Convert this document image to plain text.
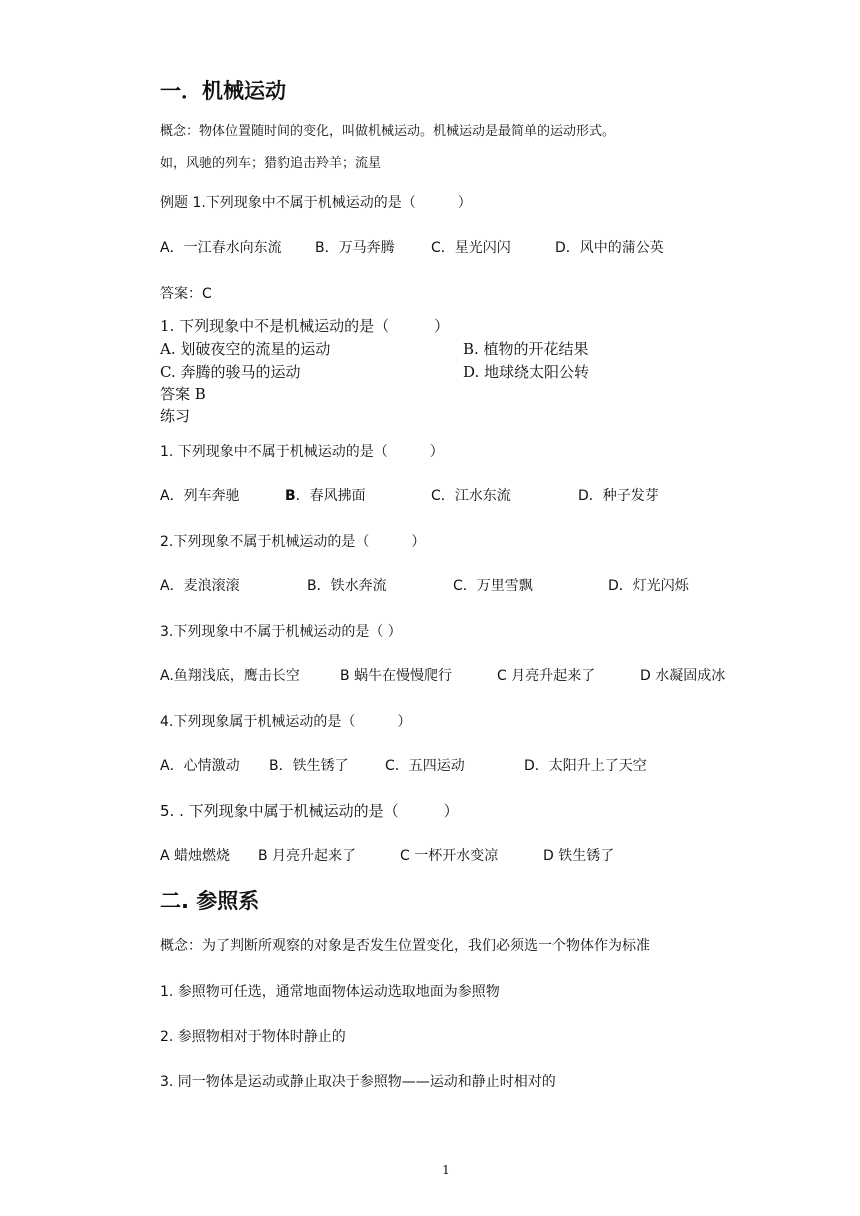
一．机械运动
概念：物体位置随时间的变化，叫做机械运动。机械运动是最简单的运动形式。
如，风驰的列车；猎豹追击羚羊；流星
例题 1.下列现象中不属于机械运动的是（　　　）
A．一江春水向东流 B．万马奔腾	C．星光闪闪	D．风中的蒲公英
答案：C
1. 下列现象中不是机械运动的是（　　　）
A. 划破夜空的流星的运动	B. 植物的开花结果
C. 奔腾的骏马的运动	D. 地球绕太阳公转
答案 B
练习
1. 下列现象中不属于机械运动的是（　　　）
A．列车奔驰	B．春风拂面	C．江水东流	D．种子发芽
2.下列现象不属于机械运动的是（　　　）
A．麦浪滚滚	B．铁水奔流	C．万里雪飘	D．灯光闪烁
3.下列现象中不属于机械运动的是（ ）
A.鱼翔浅底，鹰击长空	B 蜗牛在慢慢爬行	C 月亮升起来了	D 水凝固成冰
4.下列现象属于机械运动的是（　　　）
A．心情激动 B．铁生锈了	C．五四运动	D．太阳升上了天空
5. . 下列现象中属于机械运动的是（　　　）
A 蜡烛燃烧 B 月亮升起来了	C 一杯开水变凉	D 铁生锈了
二. 参照系
概念：为了判断所观察的对象是否发生位置变化，我们必须选一个物体作为标准
1. 参照物可任选，通常地面物体运动选取地面为参照物
2. 参照物相对于物体时静止的
3. 同一物体是运动或静止取决于参照物——运动和静止时相对的
1
